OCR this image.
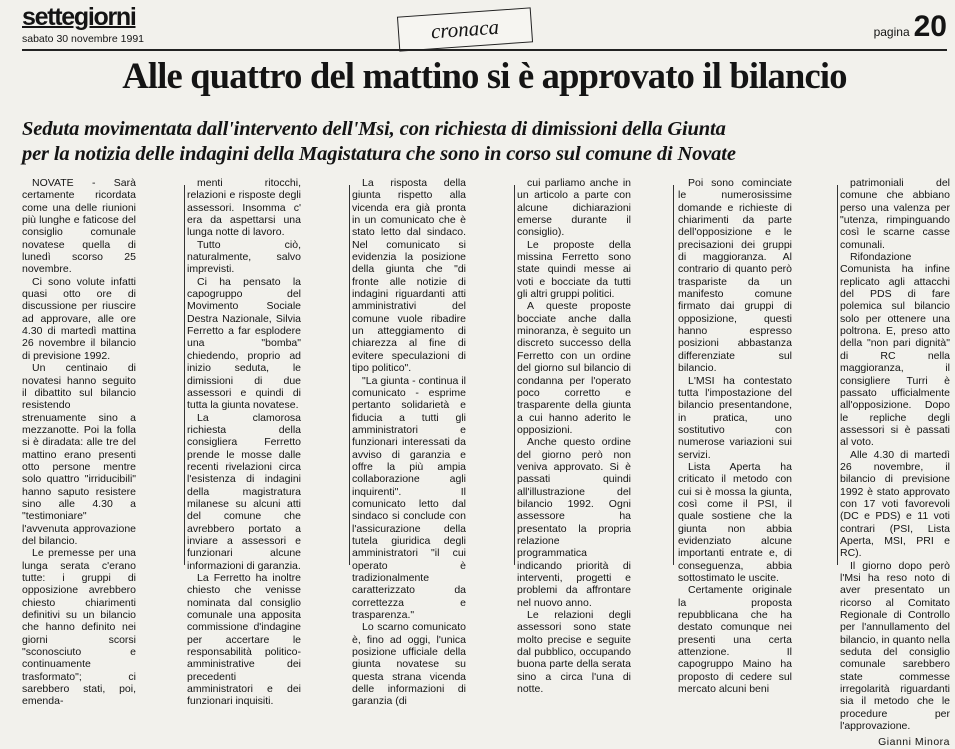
settegiorni
sabato 30 novembre 1991	cronaca	pagina 20
Alle quattro del mattino si è approvato il bilancio
Seduta movimentata dall'intervento dell'Msi, con richiesta di dimissioni della Giunta
per la notizia delle indagini della Magistatura che sono in corso sul comune di Novate

NOVATE - Sarà certamente ricordata come una delle riunioni più lunghe e faticose del consiglio comunale novatese quella di lunedì scorso 25 novembre.

Ci sono volute infatti quasi otto ore di discussione per riuscire ad approvare, alle ore 4.30 di martedì mattina 26 novembre il bilancio di previsione 1992.

Un centinaio di novatesi hanno seguito il dibattito sul bilancio resistendo strenuamente sino a mezzanotte. Poi la folla si è diradata: alle tre del mattino erano presenti otto persone mentre solo quattro "irriducibili" hanno saputo resistere sino alle 4.30 a "testimoniare" l'avvenuta approvazione del bilancio.

Le premesse per una lunga serata c'erano tutte: i gruppi di opposizione avrebbero chiesto chiarimenti definitivi su un bilancio che hanno definito nei giorni scorsi "sconosciuto e continuamente trasformato"; ci sarebbero stati, poi, emenda-

menti ritocchi, relazioni e risposte degli assessori. Insomma c' era da aspettarsi una lunga notte di lavoro.

Tutto ciò, naturalmente, salvo imprevisti.

Ci ha pensato la capogruppo del Movimento Sociale Destra Nazionale, Silvia Ferretto a far esplodere una "bomba" chiedendo, proprio ad inizio seduta, le dimissioni di due assessori e quindi di tutta la giunta novatese.

La clamorosa richiesta della consigliera Ferretto prende le mosse dalle recenti rivelazioni circa l'esistenza di indagini della magistratura milanese su alcuni atti del comune che avrebbero portato a inviare a assessori e funzionari alcune informazioni di garanzia.

La Ferretto ha inoltre chiesto che venisse nominata dal consiglio comunale una apposita commissione d'indagine per accertare le responsabilità politico-amministrative dei precedenti amministratori e dei funzionari inquisiti.

La risposta della giunta rispetto alla vicenda era già pronta in un comunicato che è stato letto dal sindaco. Nel comunicato si evidenzia la posizione della giunta che "di fronte alle notizie di indagini riguardanti atti amministrativi del comune vuole ribadire un atteggiamento di chiarezza al fine di evitere speculazioni di tipo politico".

"La giunta - continua il comunicato - esprime pertanto solidarietà e fiducia a tutti gli amministratori e funzionari interessati da avviso di garanzia e offre la più ampia collaborazione agli inquirenti". Il comunicato letto dal sindaco si conclude con l'assicurazione della tutela giuridica degli amministratori "il cui operato è tradizionalmente caratterizzato da correttezza e trasparenza."

Lo scarno comunicato è, fino ad oggi, l'unica posizione ufficiale della giunta novatese su questa strana vicenda delle informazioni di garanzia (di

cui parliamo anche in un articolo a parte con alcune dichiarazioni emerse durante il consiglio).

Le proposte della missina Ferretto sono state quindi messe ai voti e bocciate da tutti gli altri gruppi politici.

A queste proposte bocciate anche dalla minoranza, è seguito un discreto successo della Ferretto con un ordine del giorno sul bilancio di condanna per l'operato poco corretto e trasparente della giunta a cui hanno aderito le opposizioni.

Anche questo ordine del giorno però non veniva approvato. Si è passati quindi all'illustrazione del bilancio 1992. Ogni assessore ha presentato la propria relazione programmatica indicando priorità di interventi, progetti e problemi da affrontare nel nuovo anno.

Le relazioni degli assessori sono state molto precise e seguite dal pubblico, occupando buona parte della serata sino a circa l'una di notte.

Poi sono cominciate le numerosissime domande e richieste di chiarimenti da parte dell'opposizione e le precisazioni dei gruppi di maggioranza. Al contrario di quanto però traspariste da un manifesto comune firmato dai gruppi di opposizione, questi hanno espresso posizioni abbastanza differenziate sul bilancio.

L'MSI ha contestato tutta l'impostazione del bilancio presentandone, in pratica, uno sostitutivo con numerose variazioni sui servizi.

Lista Aperta ha criticato il metodo con cui si è mossa la giunta, così come il PSI, il quale sostiene che la giunta non abbia evidenziato alcune importanti entrate e, di conseguenza, abbia sottostimato le uscite.

Certamente originale la proposta repubblicana che ha destato comunque nei presenti una certa attenzione. Il capogruppo Maino ha proposto di cedere sul mercato alcuni beni

patrimoniali del comune che abbiano perso una valenza per "utenza, rimpinguando così le scarne casse comunali.

Rifondazione Comunista ha infine replicato agli attacchi del PDS di fare polemica sul bilancio solo per ottenere una poltrona. E, preso atto della "non pari dignità" di RC nella maggioranza, il consigliere Turri è passato ufficialmente all'opposizione. Dopo le repliche degli assessori si è passati al voto.

Alle 4.30 di martedì 26 novembre, il bilancio di previsione 1992 è stato approvato con 17 voti favorevoli (DC e PDS) e 11 voti contrari (PSI, Lista Aperta, MSI, PRI e RC).

Il giorno dopo però l'Msi ha reso noto di aver presentato un ricorso al Comitato Regionale di Controllo per l'annullamento del bilancio, in quanto nella seduta del consiglio comunale sarebbero state commesse irregolarità riguardanti sia il metodo che le procedure per l'approvazione.

Gianni Minora
